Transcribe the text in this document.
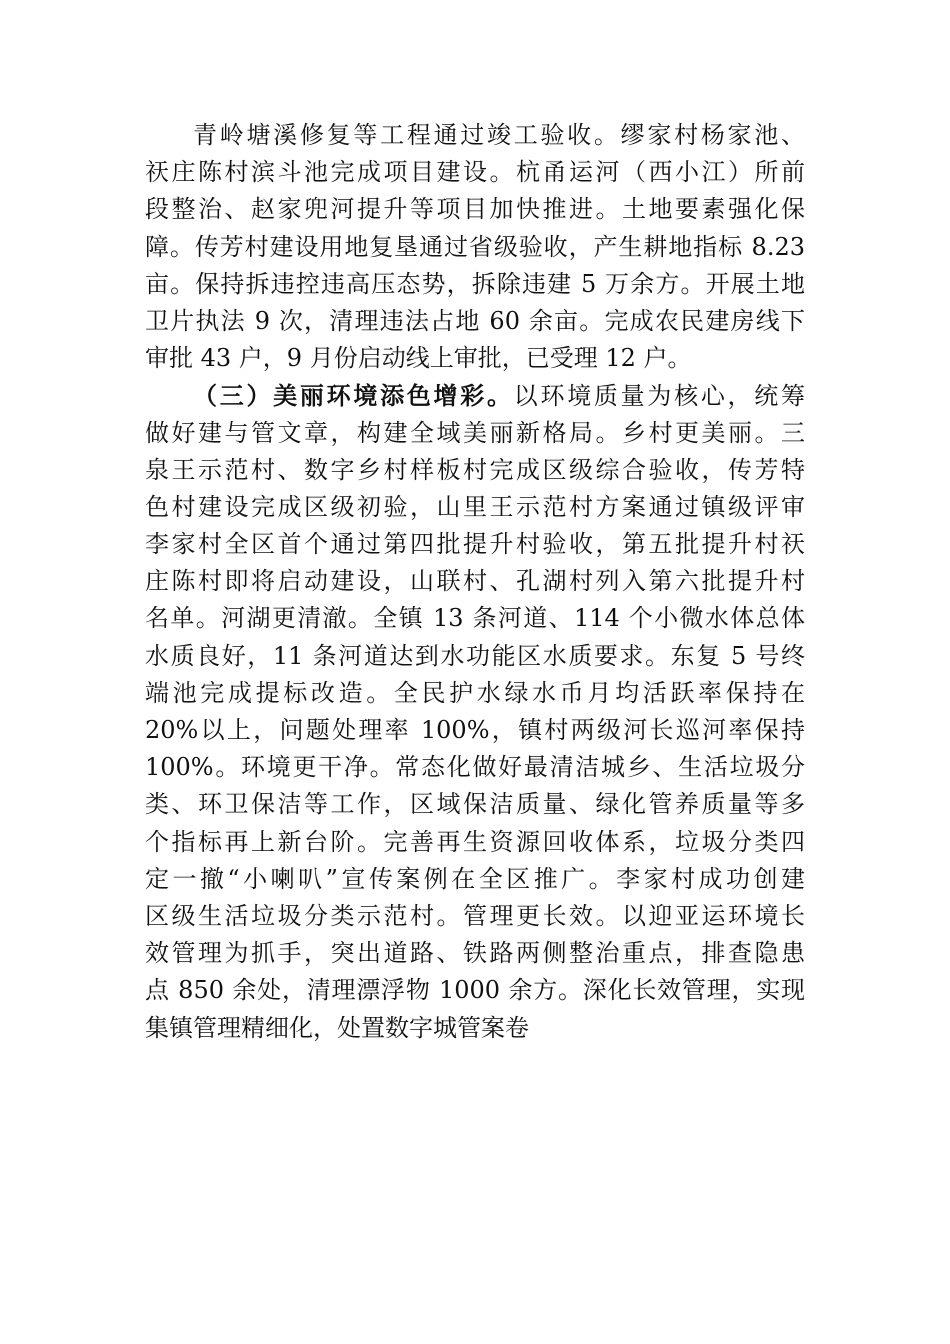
青岭塘溪修复等工程通过竣工验收。缪家村杨家池、
祆庄陈村滨斗池完成项目建设。杭甬运河（西小江）所前
段整治、赵家兜河提升等项目加快推进。土地要素强化保
障。传芳村建设用地复垦通过省级验收，产生耕地指标 8.23
亩。保持拆违控违高压态势，拆除违建 5 万余方。开展土地
卫片执法 9 次，清理违法占地 60 余亩。完成农民建房线下
审批 43 户，9 月份启动线上审批，已受理 12 户。
（三）美丽环境添色增彩。以环境质量为核心，统筹
做好建与管文章，构建全域美丽新格局。乡村更美丽。三
泉王示范村、数字乡村样板村完成区级综合验收，传芳特
色村建设完成区级初验，山里王示范村方案通过镇级评审
李家村全区首个通过第四批提升村验收，第五批提升村祆
庄陈村即将启动建设，山联村、孔湖村列入第六批提升村
名单。河湖更清澈。全镇 13 条河道、114 个小微水体总体
水质良好，11 条河道达到水功能区水质要求。东复 5 号终
端池完成提标改造。全民护水绿水币月均活跃率保持在
20%以上，问题处理率 100%，镇村两级河长巡河率保持
100%。环境更干净。常态化做好最清洁城乡、生活垃圾分
类、环卫保洁等工作，区域保洁质量、绿化管养质量等多
个指标再上新台阶。完善再生资源回收体系，垃圾分类四
定一撤“小喇叭”宣传案例在全区推广。李家村成功创建
区级生活垃圾分类示范村。管理更长效。以迎亚运环境长
效管理为抓手，突出道路、铁路两侧整治重点，排查隐患
点 850 余处，清理漂浮物 1000 余方。深化长效管理，实现
集镇管理精细化，处置数字城管案卷
